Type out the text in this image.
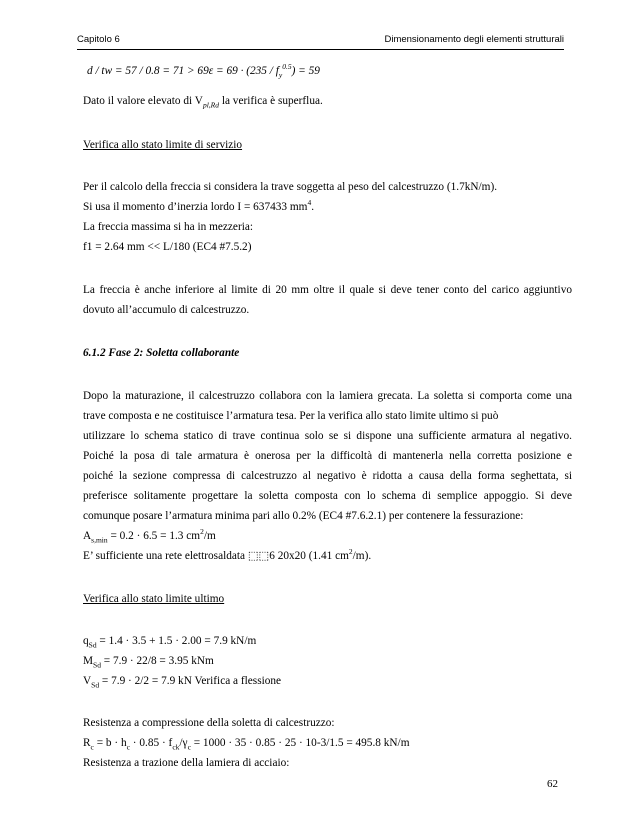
Capitolo 6	Dimensionamento degli elementi strutturali
d / tw = $57 / 0.8 = 71 > 69\varepsilon = 69 \cdot (235 / f_y^{0.5}) = 59$
Dato il valore elevato di $V_{pl,Rd}$ la verifica è superflua.
Verifica allo stato limite di servizio
Per il calcolo della freccia si considera la trave soggetta al peso del calcestruzzo (1.7kN/m).
Si usa il momento d’inerzia lordo I = 637433 $mm^4$.
La freccia massima si ha in mezzeria:
f1 = 2.64 mm << L/180 (EC4 #7.5.2)
La freccia è anche inferiore al limite di 20 mm oltre il quale si deve tener conto del carico aggiuntivo
dovuto all’accumulo di calcestruzzo.
6.1.2 Fase 2: Soletta collaborante
Dopo la maturazione, il calcestruzzo collabora con la lamiera grecata. La soletta si comporta come una
trave composta e ne costituisce l’armatura tesa. Per la verifica allo stato limite ultimo si può
utilizzare lo schema statico di trave continua solo se si dispone una sufficiente armatura al negativo.
Poiché la posa di tale armatura è onerosa per la difficoltà di mantenerla nella corretta posizione e
poiché la sezione compressa di calcestruzzo al negativo è ridotta a causa della forma seghettata, si
preferisce solitamente progettare la soletta composta con lo schema di semplice appoggio. Si deve
comunque posare l’armatura minima pari allo 0.2% (EC4 #7.6.2.1) per contenere la fessurazione:
$A_{s,min} = 0.2 \cdot 6.5 = 1.3$ $cm^2/m$
E’ sufficiente una rete elettrosaldata ⬚⬚6 20x20 (1.41 $cm^2/m$).
Verifica allo stato limite ultimo
$q_{Sd} = 1.4 \cdot 3.5 + 1.5 \cdot 2.00 = 7.9$ kN/m
$M_{Sd} = 7.9 \cdot 22/8 = 3.95$ kNm
$V_{Sd} = 7.9 \cdot 2/2 = 7.9$ kN Verifica a flessione
Resistenza a compressione della soletta di calcestruzzo:
$R_c = b \cdot h_c \cdot 0.85 \cdot f_{ck}/\gamma_c = 1000 \cdot 35 \cdot 0.85 \cdot 25 \cdot 10-3/1.5 = 495.8$ kN/m
Resistenza a trazione della lamiera di acciaio:
62
